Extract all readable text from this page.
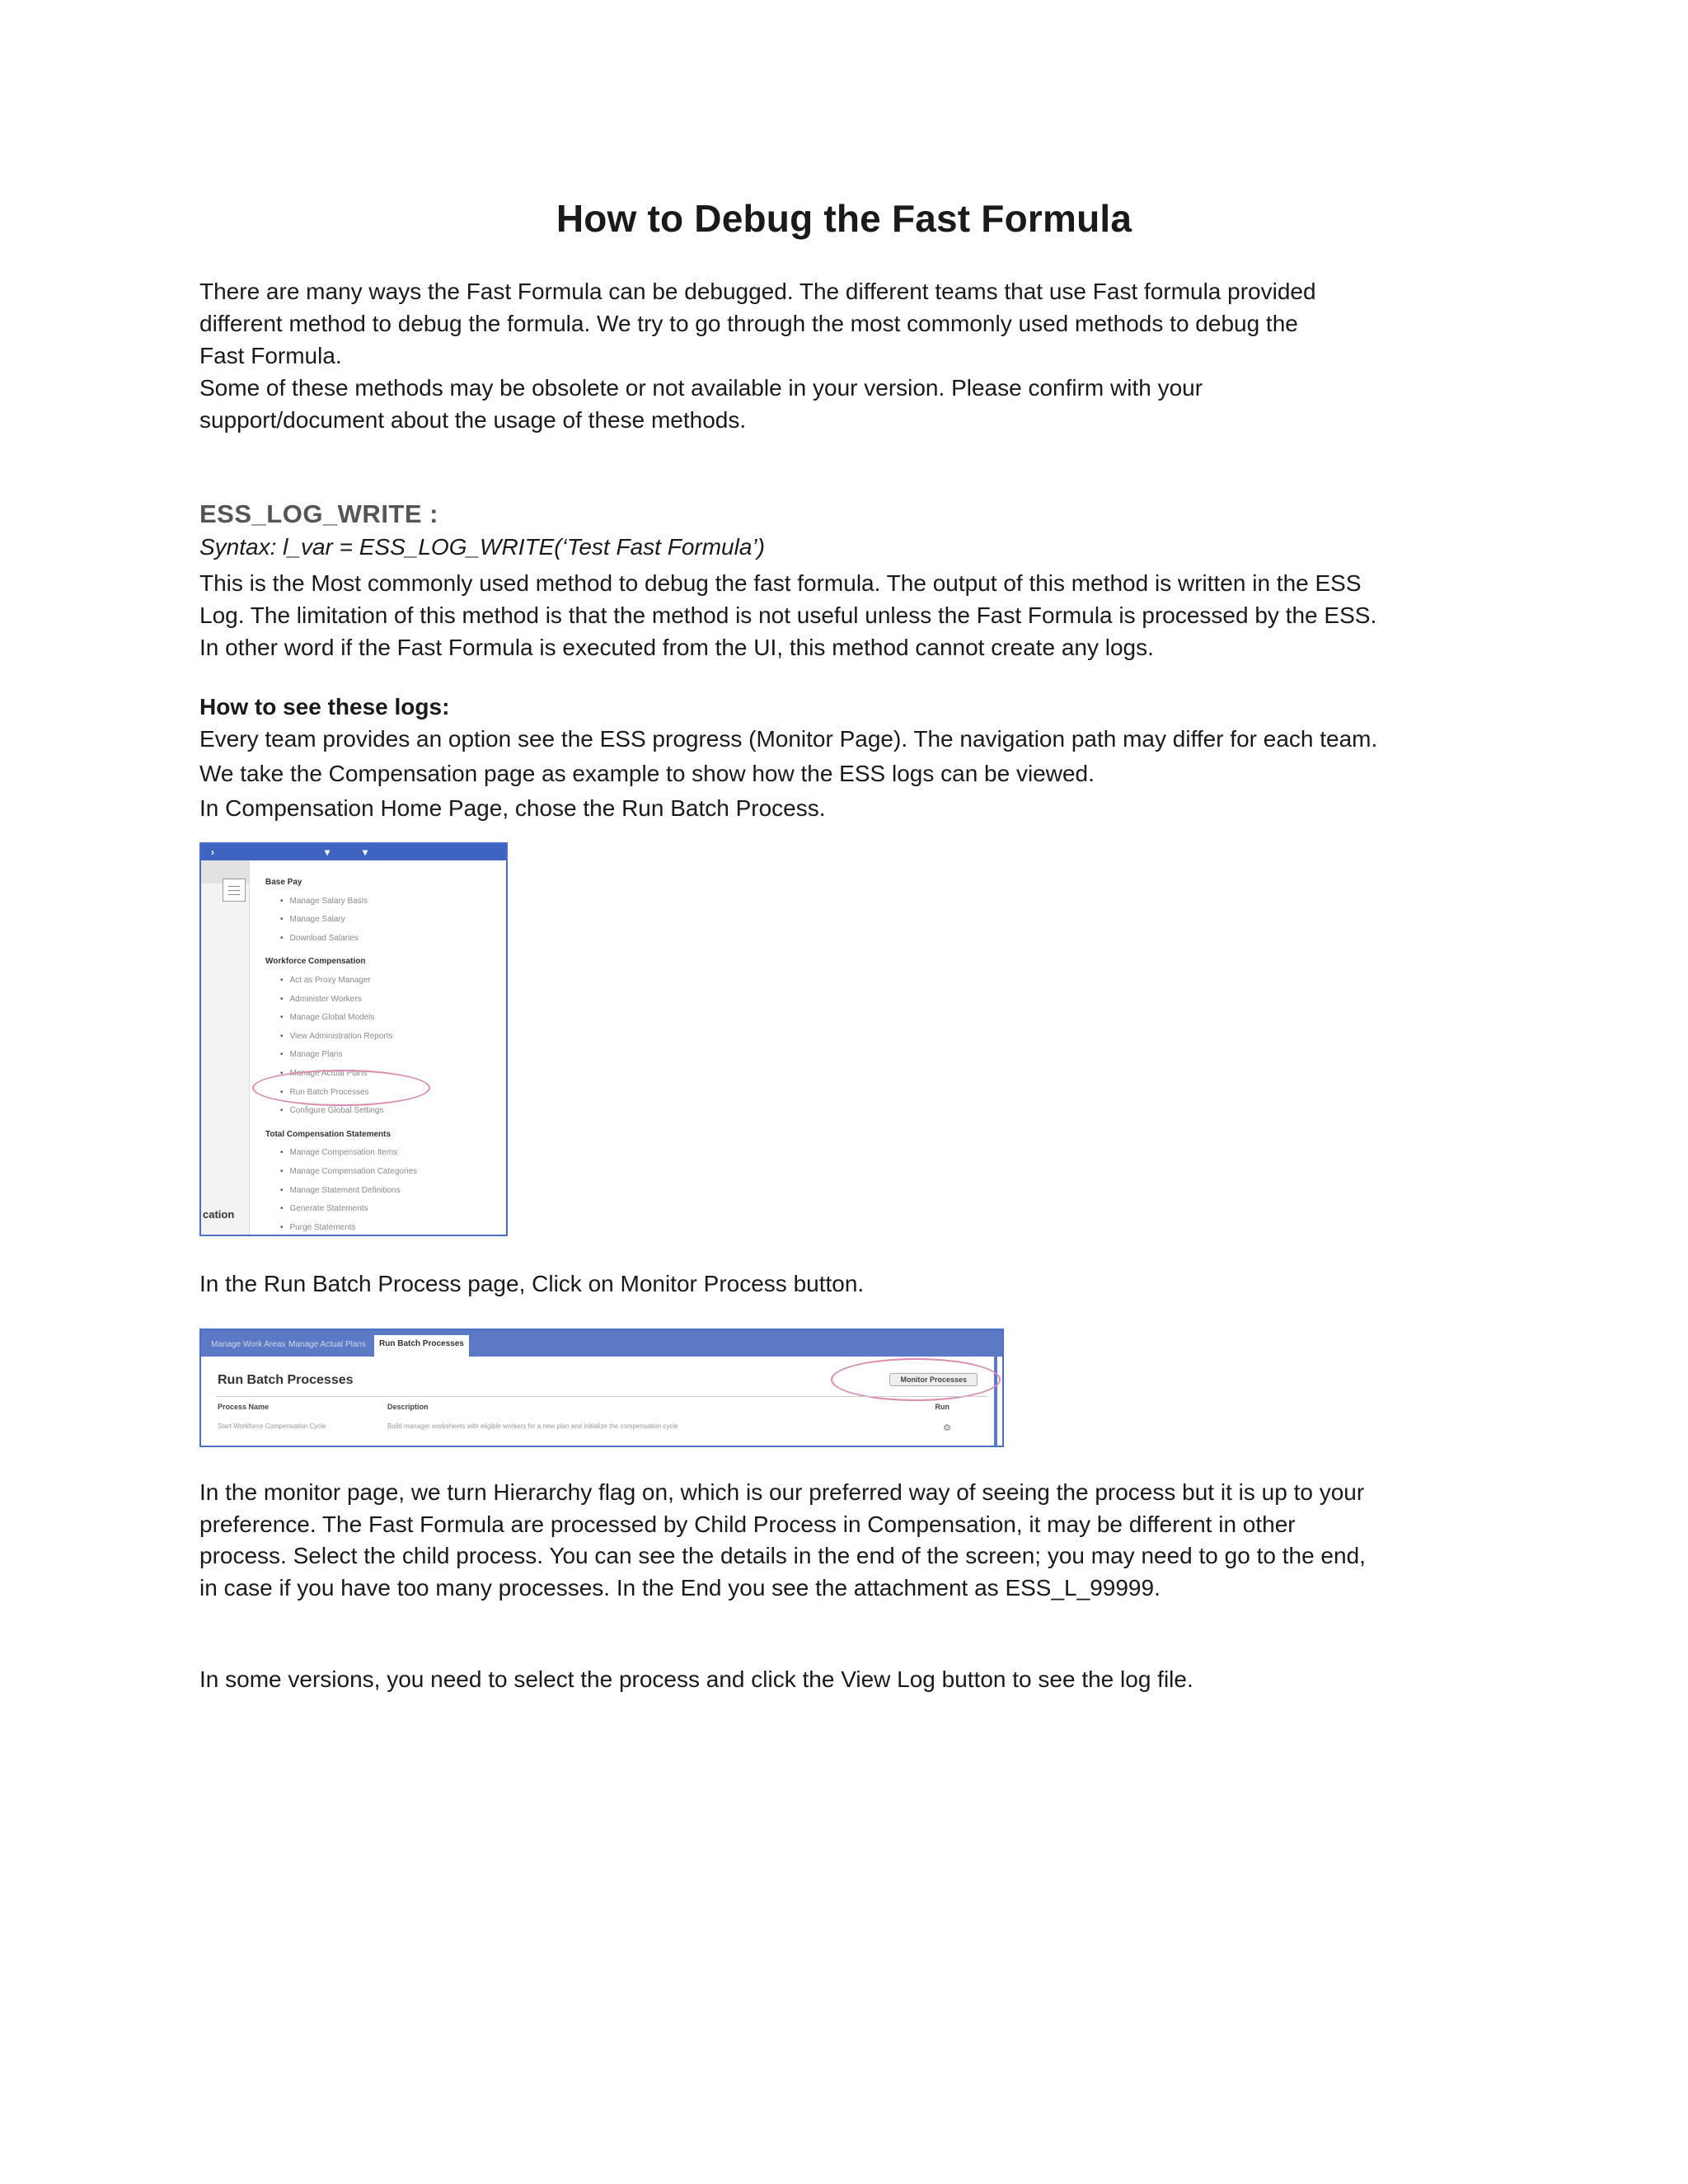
How to Debug the Fast Formula

There are many ways the Fast Formula can be debugged. The different teams that use Fast formula provided
different method to debug the formula. We try to go through the most commonly used methods to debug the
Fast Formula.
Some of these methods may be obsolete or not available in your version. Please confirm with your
support/document about the usage of these methods.

ESS_LOG_WRITE :
Syntax: l_var = ESS_LOG_WRITE(‘Test Fast Formula’)

This is the Most commonly used method to debug the fast formula. The output of this method is written in the ESS
Log. The limitation of this method is that the method is not useful unless the Fast Formula is processed by the ESS.
In other word if the Fast Formula is executed from the UI, this method cannot create any logs.

How to see these logs:

Every team provides an option see the ESS progress (Monitor Page). The navigation path may differ for each team.
We take the Compensation page as example to show how the ESS logs can be viewed.
In Compensation Home Page, chose the Run Batch Process.

›	▾	▾
cation
Base Pay
• Manage Salary Basis
• Manage Salary
• Download Salaries
Workforce Compensation
• Act as Proxy Manager
• Administer Workers
• Manage Global Models
• View Administration Reports
• Manage Plans
• Manage Actual Plans
• Run Batch Processes
• Configure Global Settings
Total Compensation Statements
• Manage Compensation Items
• Manage Compensation Categories
• Manage Statement Definitions
• Generate Statements
• Purge Statements

In the Run Batch Process page, Click on Monitor Process button.

Manage Work Areas Manage Actual Plans	Run Batch Processes
Run Batch Processes	Monitor Processes
Process Name	Description	Run
Start Workforce Compensation Cycle	Build manager worksheets with eligible workers for a new plan and initialize the compensation cycle	⚙

In the monitor page, we turn Hierarchy flag on, which is our preferred way of seeing the process but it is up to your
preference. The Fast Formula are processed by Child Process in Compensation, it may be different in other
process. Select the child process. You can see the details in the end of the screen; you may need to go to the end,
in case if you have too many processes. In the End you see the attachment as ESS_L_99999.

In some versions, you need to select the process and click the View Log button to see the log file.
